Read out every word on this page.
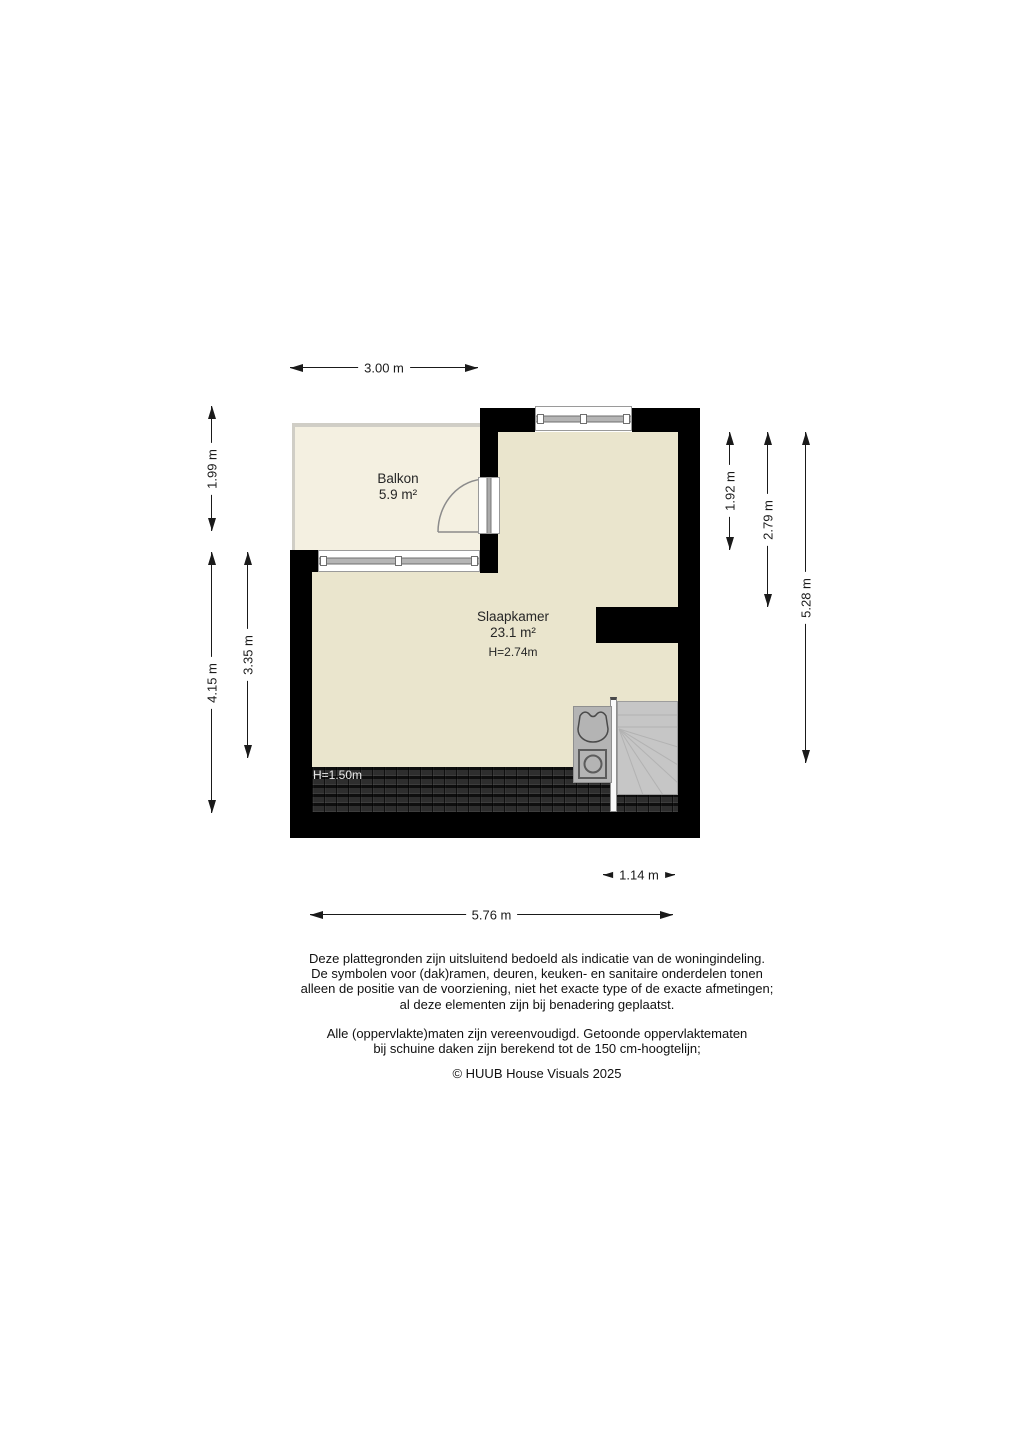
Balkon
5.9 m²
Slaapkamer
23.1 m²
H=2.74m
H=1.50m
3.00 m
1.14 m
5.76 m
1.99 m
4.15 m
3.35 m
1.92 m
2.79 m
5.28 m
Deze plattegronden zijn uitsluitend bedoeld als indicatie van de woningindeling.
De symbolen voor (dak)ramen, deuren, keuken- en sanitaire onderdelen tonen
alleen de positie van de voorziening, niet het exacte type of de exacte afmetingen;
al deze elementen zijn bij benadering geplaatst.
Alle (oppervlakte)maten zijn vereenvoudigd. Getoonde oppervlaktematen
bij schuine daken zijn berekend tot de 150 cm-hoogtelijn;
© HUUB House Visuals 2025
